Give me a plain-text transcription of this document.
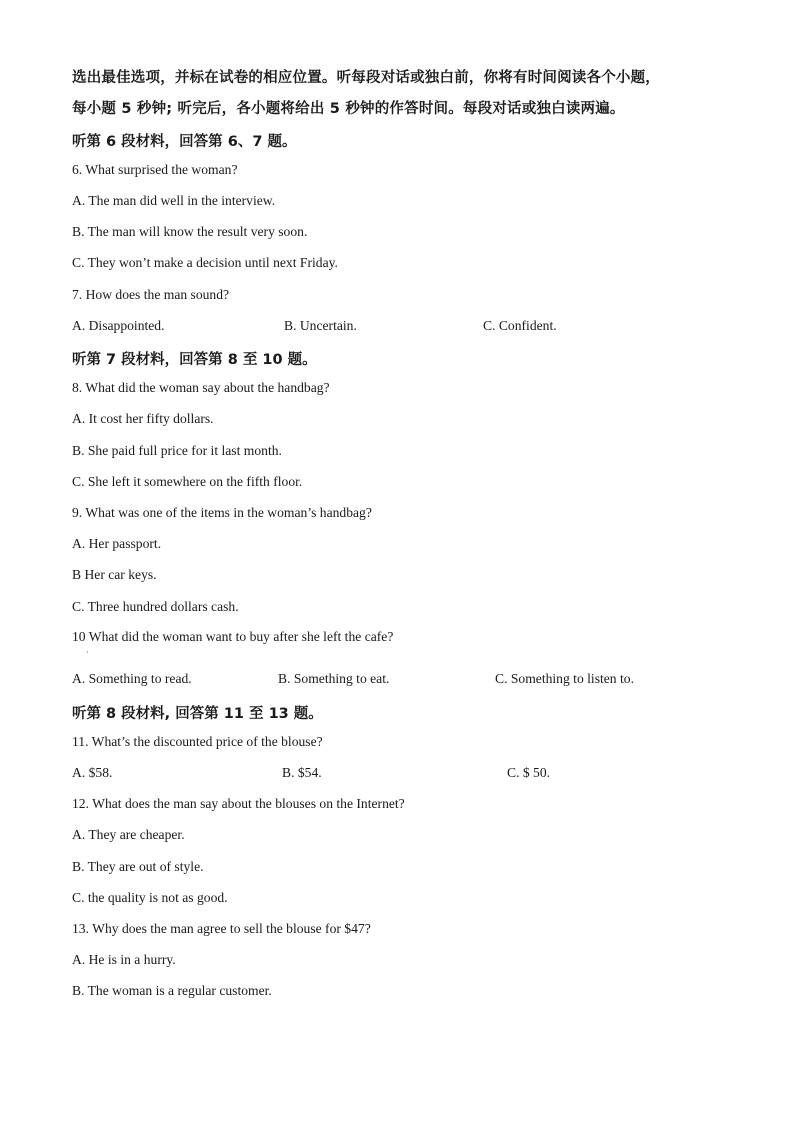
选出最佳选项，并标在试卷的相应位置。听每段对话或独白前，你将有时间阅读各个小题，
每小题 5 秒钟; 听完后，各小题将给出 5 秒钟的作答时间。每段对话或独白读两遍。
听第 6 段材料，回答第 6、7 题。
6. What surprised the woman?
A. The man did well in the interview.
B. The man will know the result very soon.
C. They won’t make a decision until next Friday.
7. How does the man sound?
A. Disappointed.	B. Uncertain.	C. Confident.
听第 7 段材料，回答第 8 至 10 题。
8. What did the woman say about the handbag?
A. It cost her fifty dollars.
B. She paid full price for it last month.
C. She left it somewhere on the fifth floor.
9. What was one of the items in the woman’s handbag?
A. Her passport.
B Her car keys.
C. Three hundred dollars cash.
10 What did the woman want to buy after she left the cafe?
·
A. Something to read.	B. Something to eat.	C. Something to listen to.
听第 8 段材料, 回答第 11 至 13 题。
11. What’s the discounted price of the blouse?
A. $58.	B. $54.	C. $ 50.
12. What does the man say about the blouses on the Internet?
A. They are cheaper.
B. They are out of style.
C. the quality is not as good.
13. Why does the man agree to sell the blouse for $47?
A. He is in a hurry.
B. The woman is a regular customer.
